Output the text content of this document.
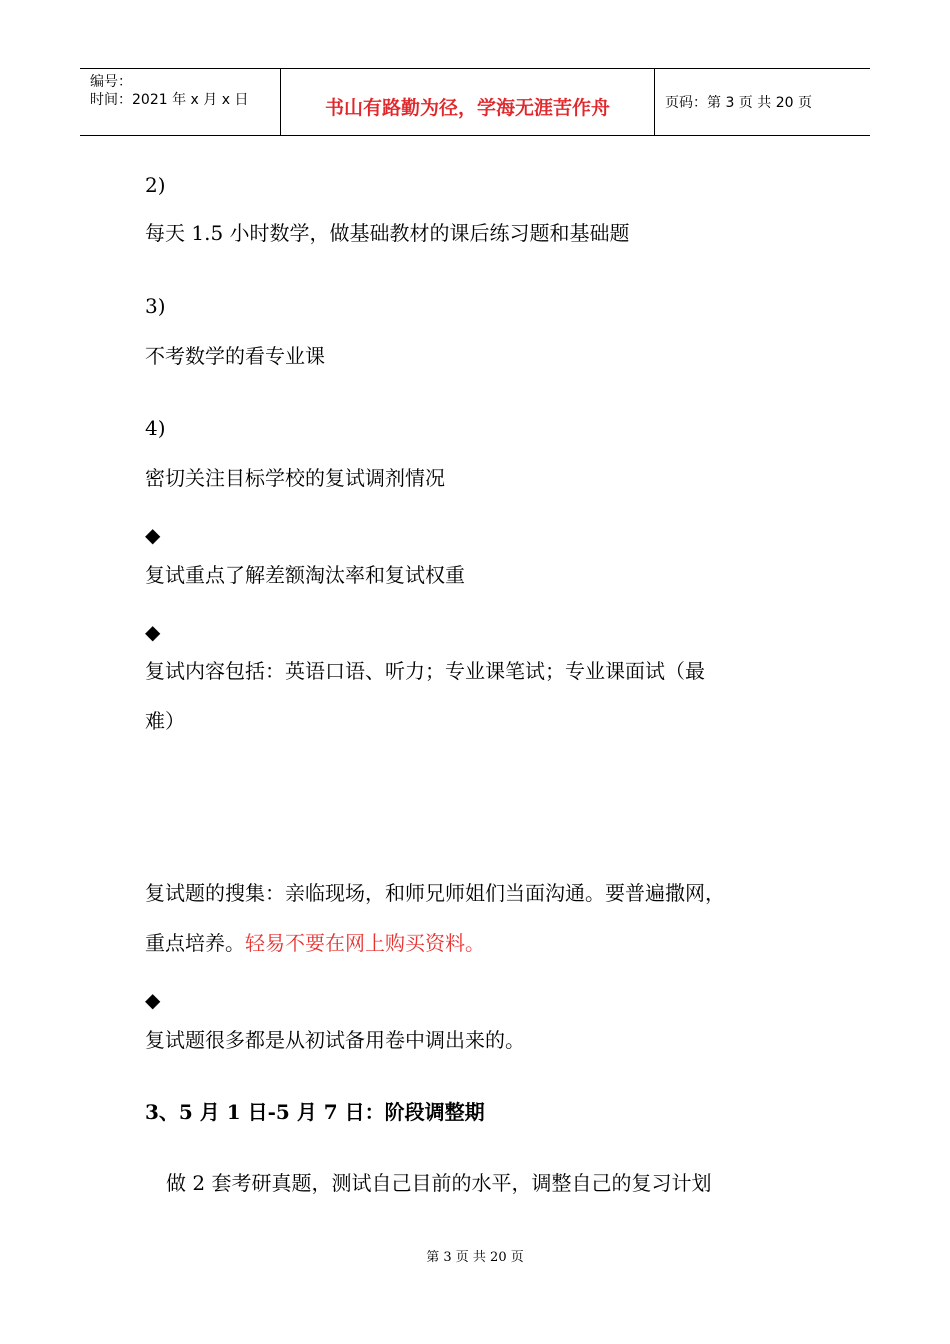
编号：
时间：2021 年 x 月 x 日	书山有路勤为径，学海无涯苦作舟	页码：第 3 页 共 20 页
2)
每天 1.5 小时数学，做基础教材的课后练习题和基础题
3)
不考数学的看专业课
4)
密切关注目标学校的复试调剂情况
◆
复试重点了解差额淘汰率和复试权重
◆
复试内容包括：英语口语、听力；专业课笔试；专业课面试（最
难）
复试题的搜集：亲临现场，和师兄师姐们当面沟通。要普遍撒网，
重点培养。轻易不要在网上购买资料。
◆
复试题很多都是从初试备用卷中调出来的。
3、5 月 1 日-5 月 7 日：阶段调整期
做 2 套考研真题，测试自己目前的水平，调整自己的复习计划
第 3 页 共 20 页
